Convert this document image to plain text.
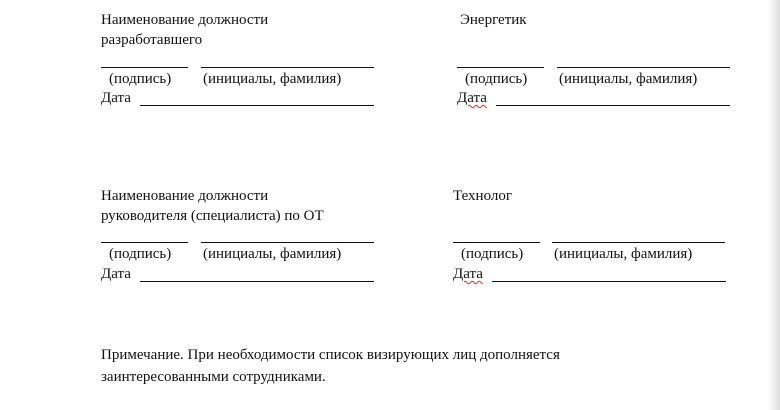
Наименование должности
разработавшего
(подпись) (инициалы, фамилия)
Дата
Энергетик
(подпись) (инициалы, фамилия)
Дата
Наименование должности
руководителя (специалиста) по ОТ
(подпись) (инициалы, фамилия)
Дата
Технолог
(подпись) (инициалы, фамилия)
Дата
Примечание. При необходимости список визирующих лиц дополняется
заинтересованными сотрудниками.
